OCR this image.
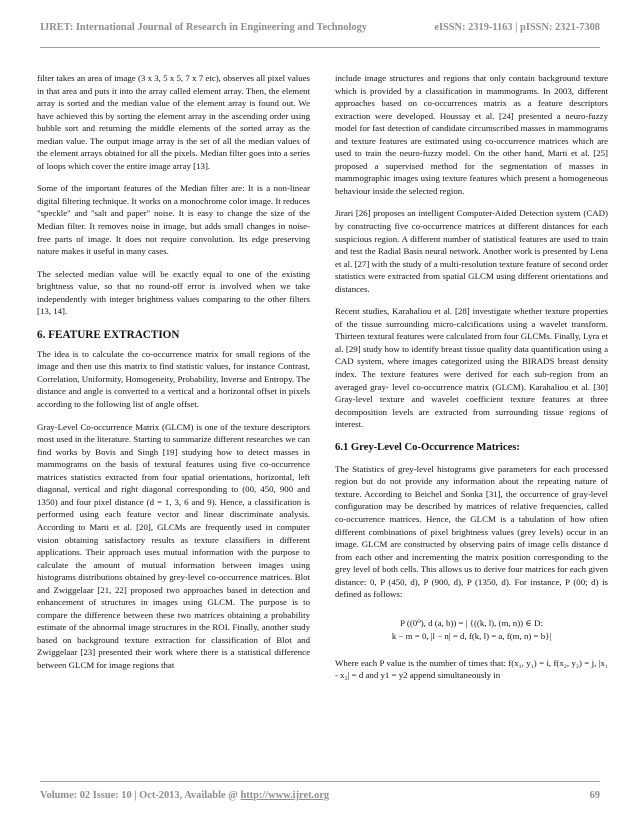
IJRET: International Journal of Research in Engineering and Technology	eISSN: 2319-1163 | pISSN: 2321-7308

filter takes an area of image (3 x 3, 5 x 5, 7 x 7 etc), observes all pixel values in that area and puts it into the array called element array. Then, the element array is sorted and the median value of the element array is found out. We have achieved this by sorting the element array in the ascending order using bubble sort and returning the middle elements of the sorted array as the median value. The output image array is the set of all the median values of the element arrays obtained for all the pixels. Median filter goes into a series of loops which cover the entire image array [13].

Some of the important features of the Median filter are: It is a non-linear digital filtering technique. It works on a monochrome color image. It reduces "speckle" and "salt and paper" noise. It is easy to change the size of the Median filter. It removes noise in image, but adds small changes in noise-free parts of image. It does not require convolution. Its edge preserving nature makes it useful in many cases.

The selected median value will be exactly equal to one of the existing brightness value, so that no round-off error is involved when we take independently with integer brightness values comparing to the other filters [13, 14].

6. FEATURE EXTRACTION

The idea is to calculate the co-occurrence matrix for small regions of the image and then use this matrix to find statistic values, for instance Contrast, Correlation, Uniformity, Homogeneity, Probability, Inverse and Entropy. The distance and angle is converted to a vertical and a horizontal offset in pixels according to the following list of angle offset.

Gray-Level Co-occurrence Matrix (GLCM) is one of the texture descriptors most used in the literature. Starting to summarize different researches we can find works by Bovis and Singh [19] studying how to detect masses in mammograms on the basis of textural features using five co-occurrence matrices statistics extracted from four spatial orientations, horizontal, left diagonal, vertical and right diagonal corresponding to (00, 450, 900 and 1350) and four pixel distance (d = 1, 3, 6 and 9). Hence, a classification is performed using each feature vector and linear discriminate analysis. According to Marti et al. [20], GLCMs are frequently used in computer vision obtaining satisfactory results as texture classifiers in different applications. Their approach uses mutual information with the purpose to calculate the amount of mutual information between images using histograms distributions obtained by grey-level co-occurrence matrices. Blot and Zwiggelaar [21, 22] proposed two approaches based in detection and enhancement of structures in images using GLCM. The purpose is to compare the difference between these two matrices obtaining a probability estimate of the abnormal image structures in the ROI. Finally, another study based on background texture extraction for classification of Blot and Zwiggelaar [23] presented their work where there is a statistical difference between GLCM for image regions that

include image structures and regions that only contain background texture which is provided by a classification in mammograms. In 2003, different approaches based on co-occurrences matrix as a feature descriptors extraction were developed. Houssay et al. [24] presented a neuro-fuzzy model for fast detection of candidate circumscribed masses in mammograms and texture features are estimated using co-occurrence matrices which are used to train the neuro-fuzzy model. On the other hand, Marti et al. [25] proposed a supervised method for the segmentation of masses in mammographic images using texture features which present a homogeneous behaviour inside the selected region.

Jirari [26] proposes an intelligent Computer-Aided Detection system (CAD) by constructing five co-occurrence matrices at different distances for each suspicious region. A different number of statistical features are used to train and test the Radial Basis neural network. Another work is presented by Lena et al. [27] with the study of a multi-resolution texture feature of second order statistics were extracted from spatial GLCM using different orientations and distances.

Recent studies, Karahaliou et al. [28] investigate whether texture properties of the tissue surrounding micro-calcifications using a wavelet transform. Thirteen textural features were calculated from four GLCMs. Finally, Lyra et al. [29] study how to identify breast tissue quality data quantification using a CAD system, where images categorized using the BIRADS breast density index. The texture features were derived for each sub-region from an averaged gray- level co-occurrence matrix (GLCM). Karahaliou et al. [30] Gray-level texture and wavelet coefficient texture features at three decomposition levels are extracted from surrounding tissue regions of interest.

6.1 Grey-Level Co-Occurrence Matrices:

The Statistics of grey-level histograms give parameters for each processed region but do not provide any information about the repeating nature of texture. According to Beichel and Sonka [31], the occurrence of gray-level configuration may be described by matrices of relative frequencies, called co-occurrence matrices. Hence, the GLCM is a tabulation of how often different combinations of pixel brightness values (grey levels) occur in an image. GLCM are constructed by observing pairs of image cells distance d from each other and incrementing the matrix position corresponding to the grey level of both cells. This allows us to derive four matrices for each given distance: 0, P (450, d), P (900, d), P (1350, d). For instance, P (00; d) is defined as follows:

P ((0⁰), d (a, b)) = | {((k, l), (m, n)) ∈ D:
k − m = 0, |l − n| = d, f(k, l) = a, f(m, n) = b}|

Where each P value is the number of times that: f(x₁, y₁) = i, f(x₂, y₂) = j, |x₁ - x₂| = d and y1 = y2 append simultaneously in

Volume: 02 Issue: 10 | Oct-2013, Available @ http://www.ijret.org	69
